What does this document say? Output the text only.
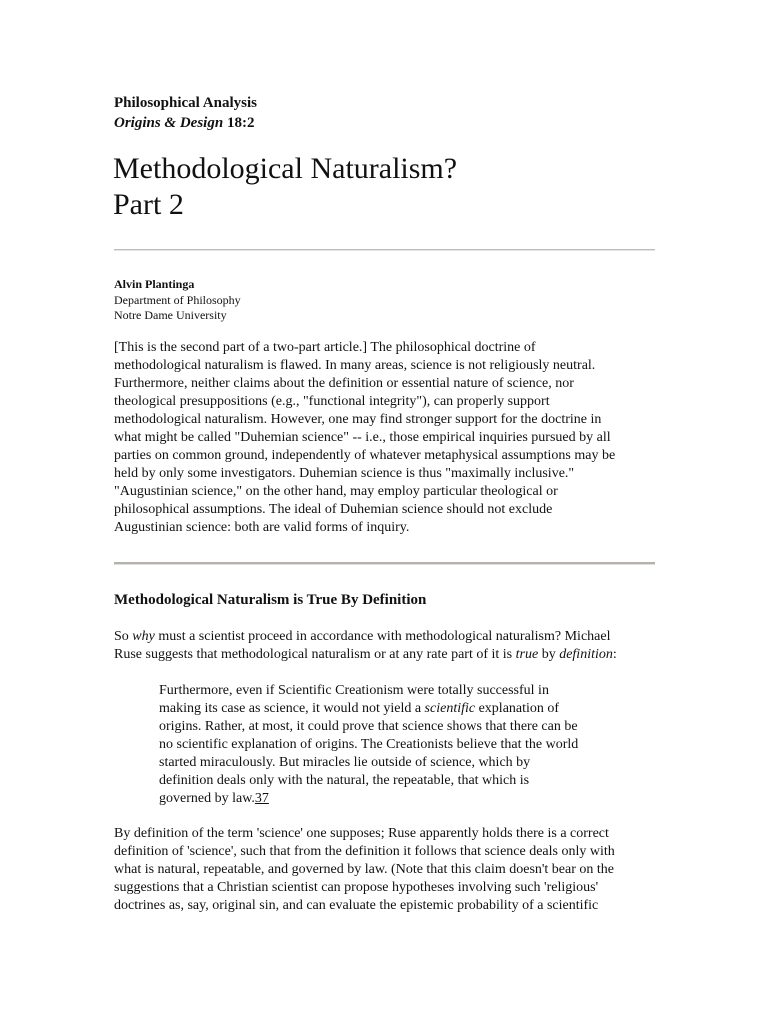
Philosophical Analysis
Origins & Design 18:2
Methodological Naturalism?
Part 2
Alvin Plantinga
Department of Philosophy
Notre Dame University
[This is the second part of a two-part article.] The philosophical doctrine of
methodological naturalism is flawed. In many areas, science is not religiously neutral.
Furthermore, neither claims about the definition or essential nature of science, nor
theological presuppositions (e.g., "functional integrity"), can properly support
methodological naturalism. However, one may find stronger support for the doctrine in
what might be called "Duhemian science" -- i.e., those empirical inquiries pursued by all
parties on common ground, independently of whatever metaphysical assumptions may be
held by only some investigators. Duhemian science is thus "maximally inclusive."
"Augustinian science," on the other hand, may employ particular theological or
philosophical assumptions. The ideal of Duhemian science should not exclude
Augustinian science: both are valid forms of inquiry.
Methodological Naturalism is True By Definition
So why must a scientist proceed in accordance with methodological naturalism? Michael
Ruse suggests that methodological naturalism or at any rate part of it is true by definition:
Furthermore, even if Scientific Creationism were totally successful in
making its case as science, it would not yield a scientific explanation of
origins. Rather, at most, it could prove that science shows that there can be
no scientific explanation of origins. The Creationists believe that the world
started miraculously. But miracles lie outside of science, which by
definition deals only with the natural, the repeatable, that which is
governed by law.37
By definition of the term 'science' one supposes; Ruse apparently holds there is a correct
definition of 'science', such that from the definition it follows that science deals only with
what is natural, repeatable, and governed by law. (Note that this claim doesn't bear on the
suggestions that a Christian scientist can propose hypotheses involving such 'religious'
doctrines as, say, original sin, and can evaluate the epistemic probability of a scientific
